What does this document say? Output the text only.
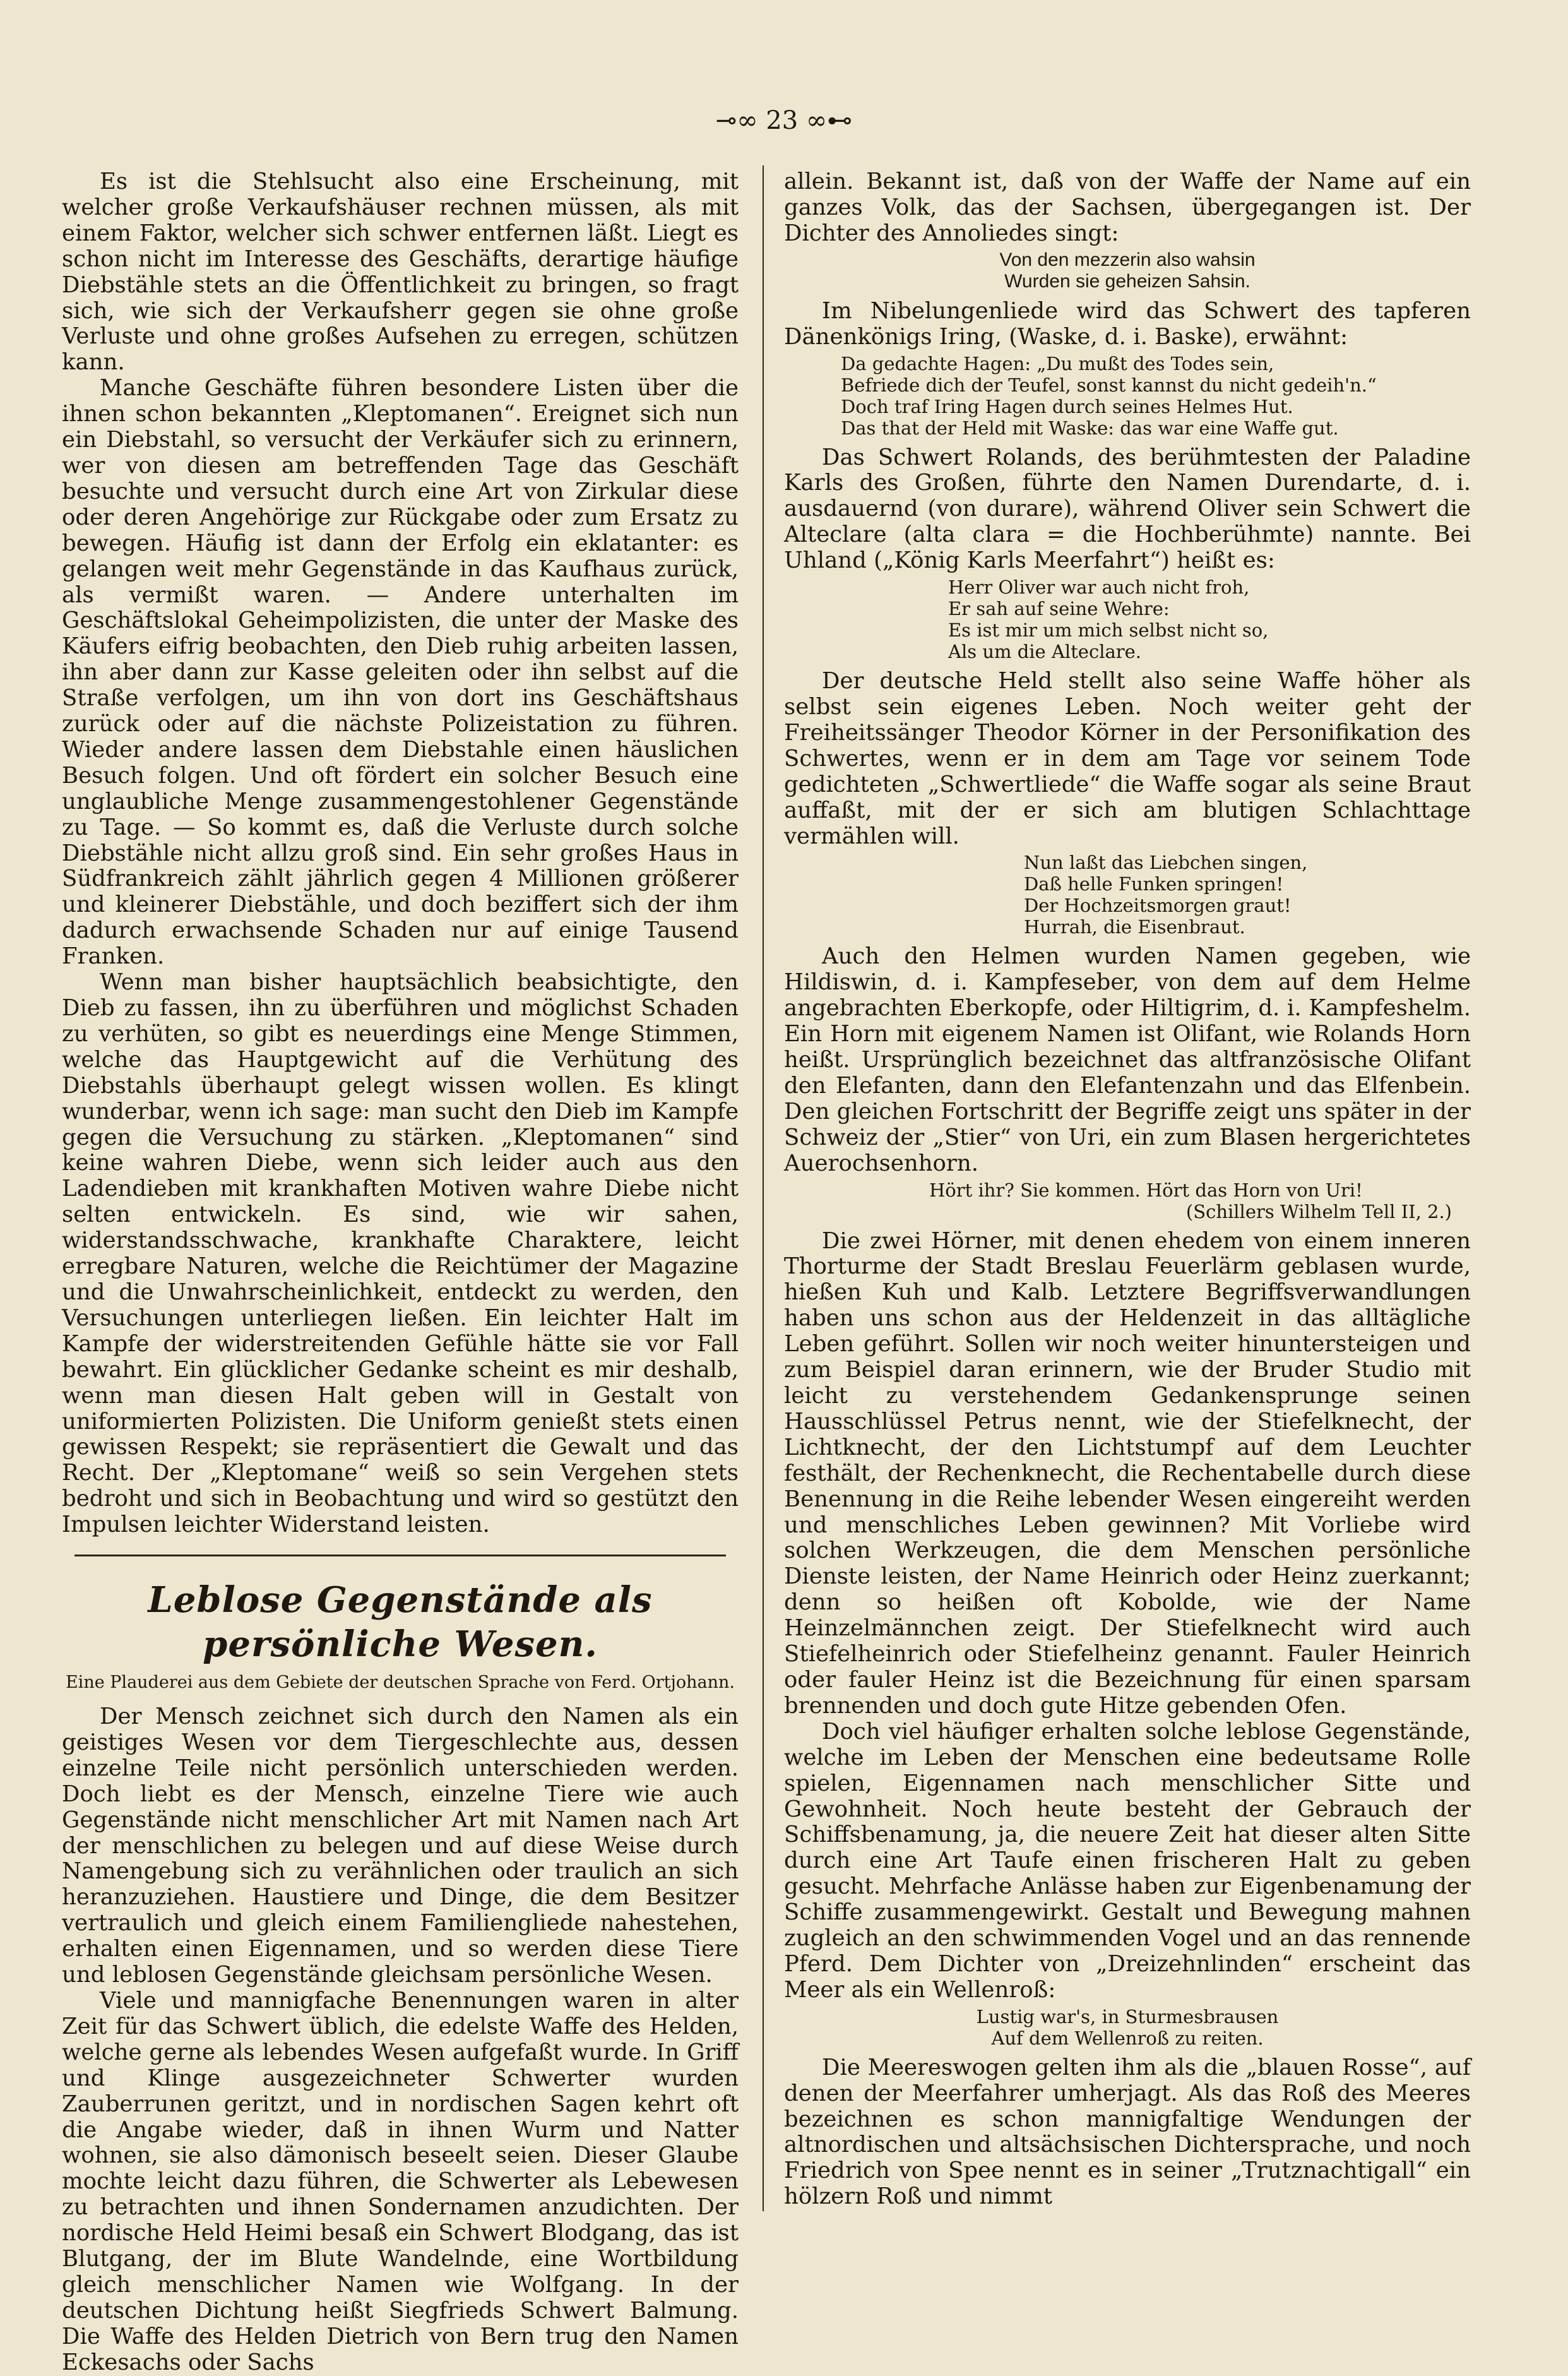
⊸∞ 23 ∞⊷

Es ist die Stehlsucht also eine Erscheinung, mit welcher große Verkaufshäuser rechnen müssen, als mit einem Faktor, welcher sich schwer entfernen läßt. Liegt es schon nicht im Interesse des Geschäfts, derartige häufige Diebstähle stets an die Öffentlichkeit zu bringen, so fragt sich, wie sich der Verkaufsherr gegen sie ohne große Verluste und ohne großes Aufsehen zu erregen, schützen kann.

Manche Geschäfte führen besondere Listen über die ihnen schon bekannten „Kleptomanen“. Ereignet sich nun ein Diebstahl, so versucht der Verkäufer sich zu erinnern, wer von diesen am betreffenden Tage das Geschäft besuchte und versucht durch eine Art von Zirkular diese oder deren Angehörige zur Rückgabe oder zum Ersatz zu bewegen. Häufig ist dann der Erfolg ein eklatanter: es gelangen weit mehr Gegenstände in das Kaufhaus zurück, als vermißt waren. — Andere unterhalten im Geschäftslokal Geheimpolizisten, die unter der Maske des Käufers eifrig beobachten, den Dieb ruhig arbeiten lassen, ihn aber dann zur Kasse geleiten oder ihn selbst auf die Straße verfolgen, um ihn von dort ins Geschäftshaus zurück oder auf die nächste Polizeistation zu führen. Wieder andere lassen dem Diebstahle einen häuslichen Besuch folgen. Und oft fördert ein solcher Besuch eine unglaubliche Menge zusammengestohlener Gegenstände zu Tage. — So kommt es, daß die Verluste durch solche Diebstähle nicht allzu groß sind. Ein sehr großes Haus in Südfrankreich zählt jährlich gegen 4 Millionen größerer und kleinerer Diebstähle, und doch beziffert sich der ihm dadurch erwachsende Schaden nur auf einige Tausend Franken.

Wenn man bisher hauptsächlich beabsichtigte, den Dieb zu fassen, ihn zu überführen und möglichst Schaden zu verhüten, so gibt es neuerdings eine Menge Stimmen, welche das Hauptgewicht auf die Verhütung des Diebstahls überhaupt gelegt wissen wollen. Es klingt wunderbar, wenn ich sage: man sucht den Dieb im Kampfe gegen die Versuchung zu stärken. „Kleptomanen“ sind keine wahren Diebe, wenn sich leider auch aus den Ladendieben mit krankhaften Motiven wahre Diebe nicht selten entwickeln. Es sind, wie wir sahen, widerstandsschwache, krankhafte Charaktere, leicht erregbare Naturen, welche die Reichtümer der Magazine und die Unwahrscheinlichkeit, entdeckt zu werden, den Versuchungen unterliegen ließen. Ein leichter Halt im Kampfe der widerstreitenden Gefühle hätte sie vor Fall bewahrt. Ein glücklicher Gedanke scheint es mir deshalb, wenn man diesen Halt geben will in Gestalt von uniformierten Polizisten. Die Uniform genießt stets einen gewissen Respekt; sie repräsentiert die Gewalt und das Recht. Der „Kleptomane“ weiß so sein Vergehen stets bedroht und sich in Beobachtung und wird so gestützt den Impulsen leichter Widerstand leisten.

Leblose Gegenstände als persönliche Wesen.
Eine Plauderei aus dem Gebiete der deutschen Sprache von Ferd. Ortjohann.

Der Mensch zeichnet sich durch den Namen als ein geistiges Wesen vor dem Tiergeschlechte aus, dessen einzelne Teile nicht persönlich unterschieden werden. Doch liebt es der Mensch, einzelne Tiere wie auch Gegenstände nicht menschlicher Art mit Namen nach Art der menschlichen zu belegen und auf diese Weise durch Namengebung sich zu verähnlichen oder traulich an sich heranzuziehen. Haustiere und Dinge, die dem Besitzer vertraulich und gleich einem Familiengliede nahestehen, erhalten einen Eigennamen, und so werden diese Tiere und leblosen Gegenstände gleichsam persönliche Wesen.

Viele und mannigfache Benennungen waren in alter Zeit für das Schwert üblich, die edelste Waffe des Helden, welche gerne als lebendes Wesen aufgefaßt wurde. In Griff und Klinge ausgezeichneter Schwerter wurden Zauberrunen geritzt, und in nordischen Sagen kehrt oft die Angabe wieder, daß in ihnen Wurm und Natter wohnen, sie also dämonisch beseelt seien. Dieser Glaube mochte leicht dazu führen, die Schwerter als Lebewesen zu betrachten und ihnen Sondernamen anzudichten. Der nordische Held Heimi besaß ein Schwert Blodgang, das ist Blutgang, der im Blute Wandelnde, eine Wortbildung gleich menschlicher Namen wie Wolfgang. In der deutschen Dichtung heißt Siegfrieds Schwert Balmung. Die Waffe des Helden Dietrich von Bern trug den Namen Eckesachs oder Sachs

allein. Bekannt ist, daß von der Waffe der Name auf ein ganzes Volk, das der Sachsen, übergegangen ist. Der Dichter des Annoliedes singt:

Von den mezzerin also wahsin
Wurden sie geheizen Sahsin.

Im Nibelungenliede wird das Schwert des tapferen Dänenkönigs Iring, (Waske, d. i. Baske), erwähnt:

Da gedachte Hagen: „Du mußt des Todes sein,
Befriede dich der Teufel, sonst kannst du nicht gedeih'n.“
Doch traf Iring Hagen durch seines Helmes Hut.
Das that der Held mit Waske: das war eine Waffe gut.

Das Schwert Rolands, des berühmtesten der Paladine Karls des Großen, führte den Namen Durendarte, d. i. ausdauernd (von durare), während Oliver sein Schwert die Alteclare (alta clara = die Hochberühmte) nannte. Bei Uhland („König Karls Meerfahrt“) heißt es:

Herr Oliver war auch nicht froh,
Er sah auf seine Wehre:
Es ist mir um mich selbst nicht so,
Als um die Alteclare.

Der deutsche Held stellt also seine Waffe höher als selbst sein eigenes Leben. Noch weiter geht der Freiheitssänger Theodor Körner in der Personifikation des Schwertes, wenn er in dem am Tage vor seinem Tode gedichteten „Schwertliede“ die Waffe sogar als seine Braut auffaßt, mit der er sich am blutigen Schlachttage vermählen will.

Nun laßt das Liebchen singen,
Daß helle Funken springen!
Der Hochzeitsmorgen graut!
Hurrah, die Eisenbraut.

Auch den Helmen wurden Namen gegeben, wie Hildiswin, d. i. Kampfeseber, von dem auf dem Helme angebrachten Eberkopfe, oder Hiltigrim, d. i. Kampfeshelm. Ein Horn mit eigenem Namen ist Olifant, wie Rolands Horn heißt. Ursprünglich bezeichnet das altfranzösische Olifant den Elefanten, dann den Elefantenzahn und das Elfenbein. Den gleichen Fortschritt der Begriffe zeigt uns später in der Schweiz der „Stier“ von Uri, ein zum Blasen hergerichtetes Auerochsenhorn.

Hört ihr? Sie kommen. Hört das Horn von Uri!
(Schillers Wilhelm Tell II, 2.)

Die zwei Hörner, mit denen ehedem von einem inneren Thorturme der Stadt Breslau Feuerlärm geblasen wurde, hießen Kuh und Kalb. Letztere Begriffsverwandlungen haben uns schon aus der Heldenzeit in das alltägliche Leben geführt. Sollen wir noch weiter hinuntersteigen und zum Beispiel daran erinnern, wie der Bruder Studio mit leicht zu verstehendem Gedankensprunge seinen Hausschlüssel Petrus nennt, wie der Stiefelknecht, der Lichtknecht, der den Lichtstumpf auf dem Leuchter festhält, der Rechenknecht, die Rechentabelle durch diese Benennung in die Reihe lebender Wesen eingereiht werden und menschliches Leben gewinnen? Mit Vorliebe wird solchen Werkzeugen, die dem Menschen persönliche Dienste leisten, der Name Heinrich oder Heinz zuerkannt; denn so heißen oft Kobolde, wie der Name Heinzelmännchen zeigt. Der Stiefelknecht wird auch Stiefelheinrich oder Stiefelheinz genannt. Fauler Heinrich oder fauler Heinz ist die Bezeichnung für einen sparsam brennenden und doch gute Hitze gebenden Ofen.

Doch viel häufiger erhalten solche leblose Gegenstände, welche im Leben der Menschen eine bedeutsame Rolle spielen, Eigennamen nach menschlicher Sitte und Gewohnheit. Noch heute besteht der Gebrauch der Schiffsbenamung, ja, die neuere Zeit hat dieser alten Sitte durch eine Art Taufe einen frischeren Halt zu geben gesucht. Mehrfache Anlässe haben zur Eigenbenamung der Schiffe zusammengewirkt. Gestalt und Bewegung mahnen zugleich an den schwimmenden Vogel und an das rennende Pferd. Dem Dichter von „Dreizehnlinden“ erscheint das Meer als ein Wellenroß:

Lustig war's, in Sturmesbrausen
Auf dem Wellenroß zu reiten.

Die Meereswogen gelten ihm als die „blauen Rosse“, auf denen der Meerfahrer umherjagt. Als das Roß des Meeres bezeichnen es schon mannigfaltige Wendungen der altnordischen und altsächsischen Dichtersprache, und noch Friedrich von Spee nennt es in seiner „Trutznachtigall“ ein hölzern Roß und nimmt
